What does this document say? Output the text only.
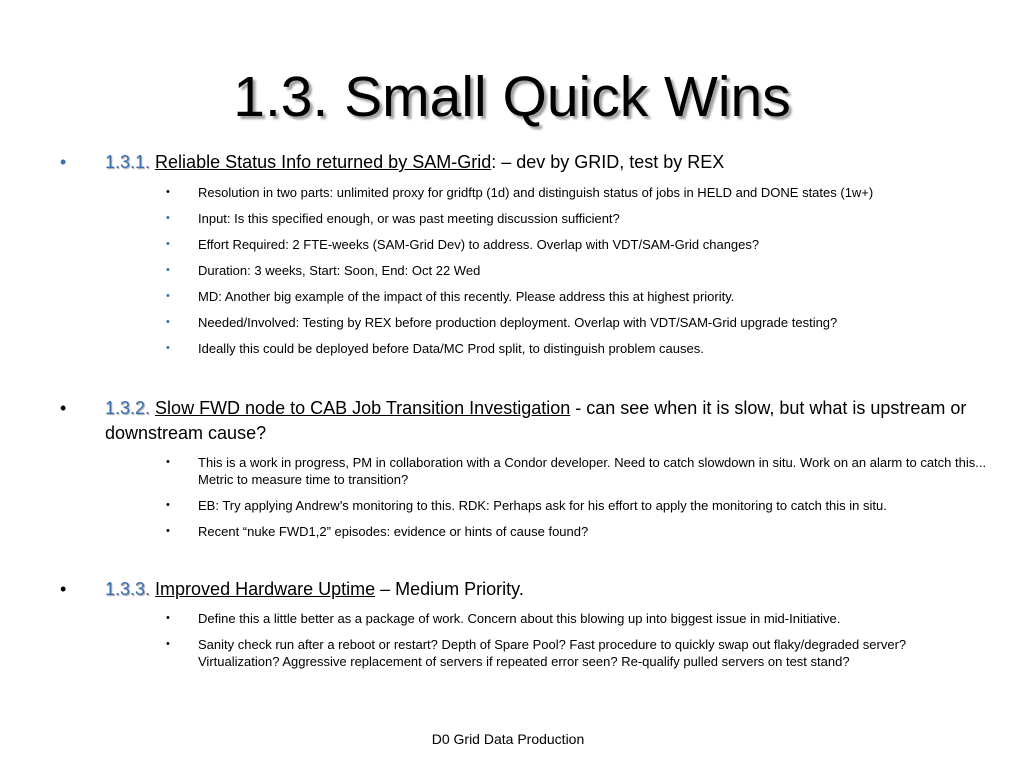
1.3. Small Quick Wins
• 1.3.1. Reliable Status Info returned by SAM-Grid: – dev by GRID, test by REX
• Resolution in two parts: unlimited proxy for gridftp (1d) and distinguish status of jobs in HELD and DONE states (1w+)
• Input: Is this specified enough, or was past meeting discussion sufficient?
• Effort Required: 2 FTE-weeks (SAM-Grid Dev) to address. Overlap with VDT/SAM-Grid changes?
• Duration: 3 weeks, Start: Soon, End: Oct 22 Wed
• MD: Another big example of the impact of this recently. Please address this at highest priority.
• Needed/Involved: Testing by REX before production deployment. Overlap with VDT/SAM-Grid upgrade testing?
• Ideally this could be deployed before Data/MC Prod split, to distinguish problem causes.
• 1.3.2. Slow FWD node to CAB Job Transition Investigation - can see when it is slow, but what is upstream or downstream cause?
• This is a work in progress, PM in collaboration with a Condor developer. Need to catch slowdown in situ. Work on an alarm to catch this... Metric to measure time to transition?
• EB: Try applying Andrew’s monitoring to this. RDK: Perhaps ask for his effort to apply the monitoring to catch this in situ.
• Recent “nuke FWD1,2” episodes: evidence or hints of cause found?
• 1.3.3. Improved Hardware Uptime – Medium Priority.
• Define this a little better as a package of work. Concern about this blowing up into biggest issue in mid-Initiative.
• Sanity check run after a reboot or restart? Depth of Spare Pool? Fast procedure to quickly swap out flaky/degraded server? Virtualization? Aggressive replacement of servers if repeated error seen? Re-qualify pulled servers on test stand?
D0 Grid Data Production
